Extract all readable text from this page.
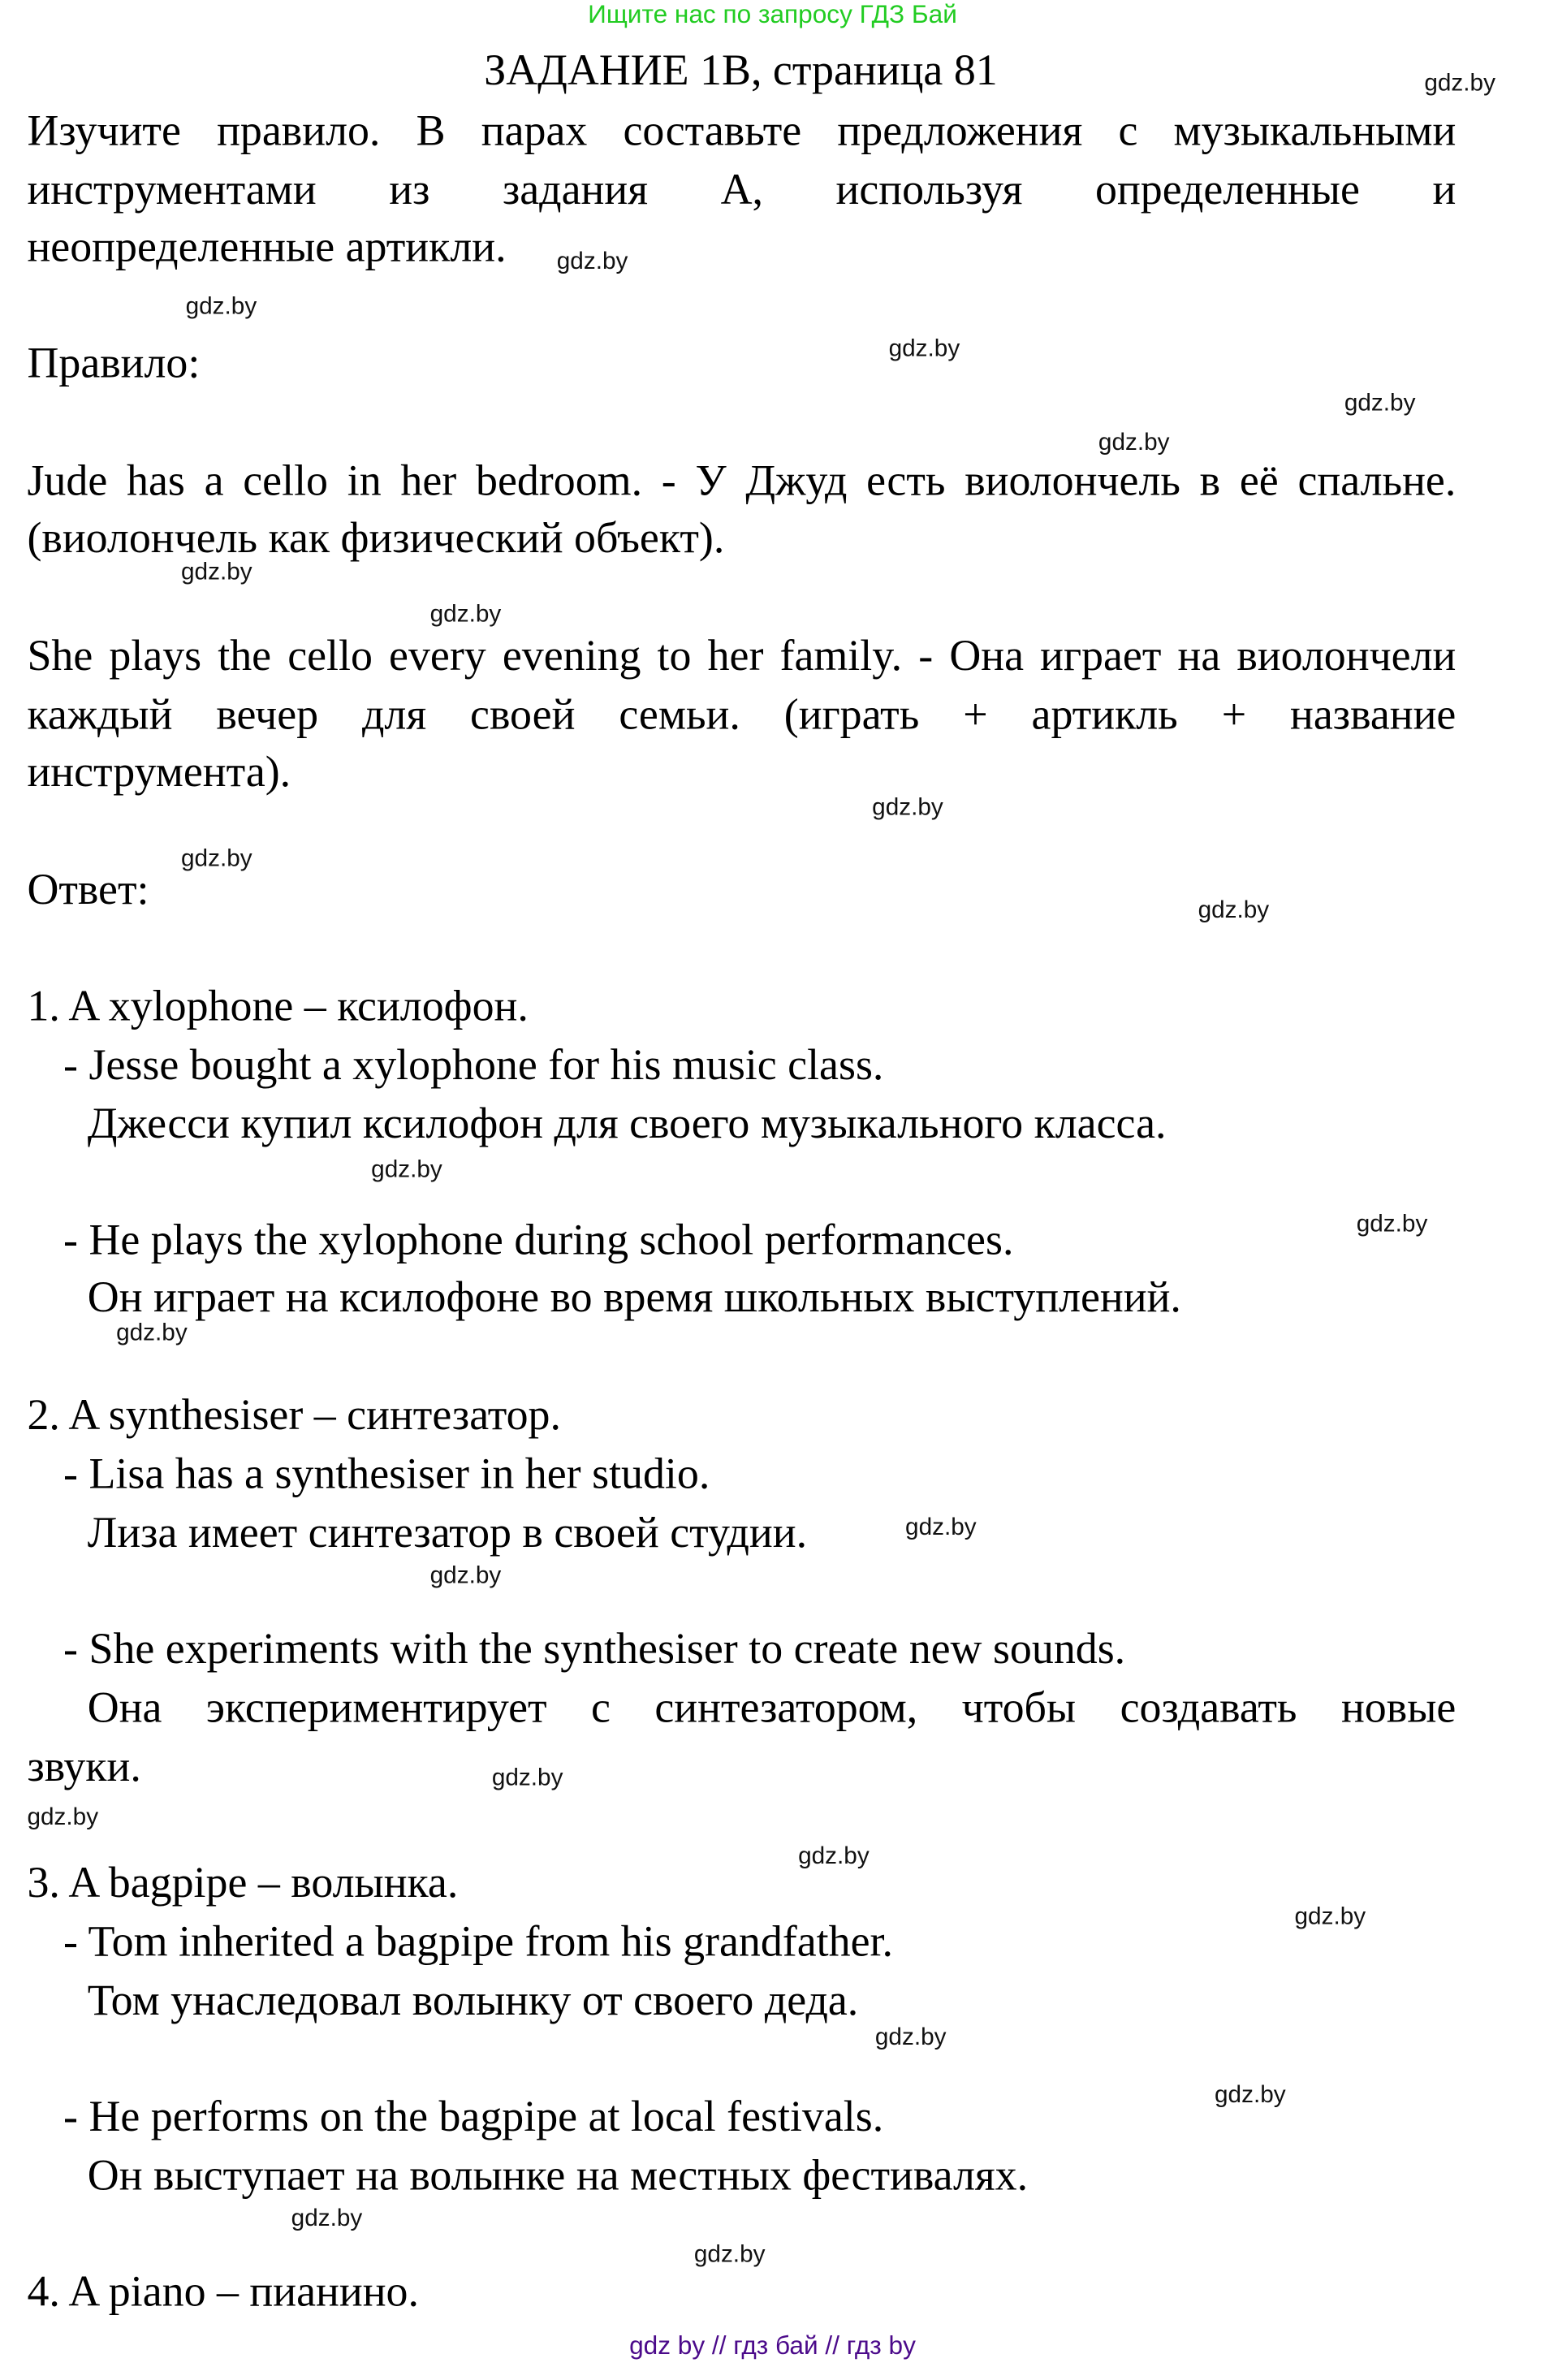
Ищите нас по запросу ГДЗ Бай
ЗАДАНИЕ 1В, страница 81
Изучите правило. В парах составьте предложения с музыкальными
инструментами из задания А, используя определенные и
неопределенные артикли.
Правило:
Jude has a cello in her bedroom. - У Джуд есть виолончель в её спальне.
(виолончель как физический объект).
She plays the cello every evening to her family. - Она играет на виолончели
каждый вечер для своей семьи. (играть + артикль + название
инструмента).
Ответ:
1. A xylophone – ксилофон.
- Jesse bought a xylophone for his music class.
Джесси купил ксилофон для своего музыкального класса.
- He plays the xylophone during school performances.
Он играет на ксилофоне во время школьных выступлений.
2. A synthesiser – синтезатор.
- Lisa has a synthesiser in her studio.
Лиза имеет синтезатор в своей студии.
- She experiments with the synthesiser to create new sounds.
Она экспериментирует с синтезатором, чтобы создавать новые
звуки.
3. A bagpipe – волынка.
- Tom inherited a bagpipe from his grandfather.
Том унаследовал волынку от своего деда.
- He performs on the bagpipe at local festivals.
Он выступает на волынке на местных фестивалях.
4. A piano – пианино.
gdz.by
gdz.by
gdz.by
gdz.by
gdz.by
gdz.by
gdz.by
gdz.by
gdz.by
gdz.by
gdz.by
gdz.by
gdz.by
gdz.by
gdz.by
gdz.by
gdz.by
gdz.by
gdz.by
gdz.by
gdz.by
gdz.by
gdz.by
gdz.by
gdz by // гдз бай // гдз by
